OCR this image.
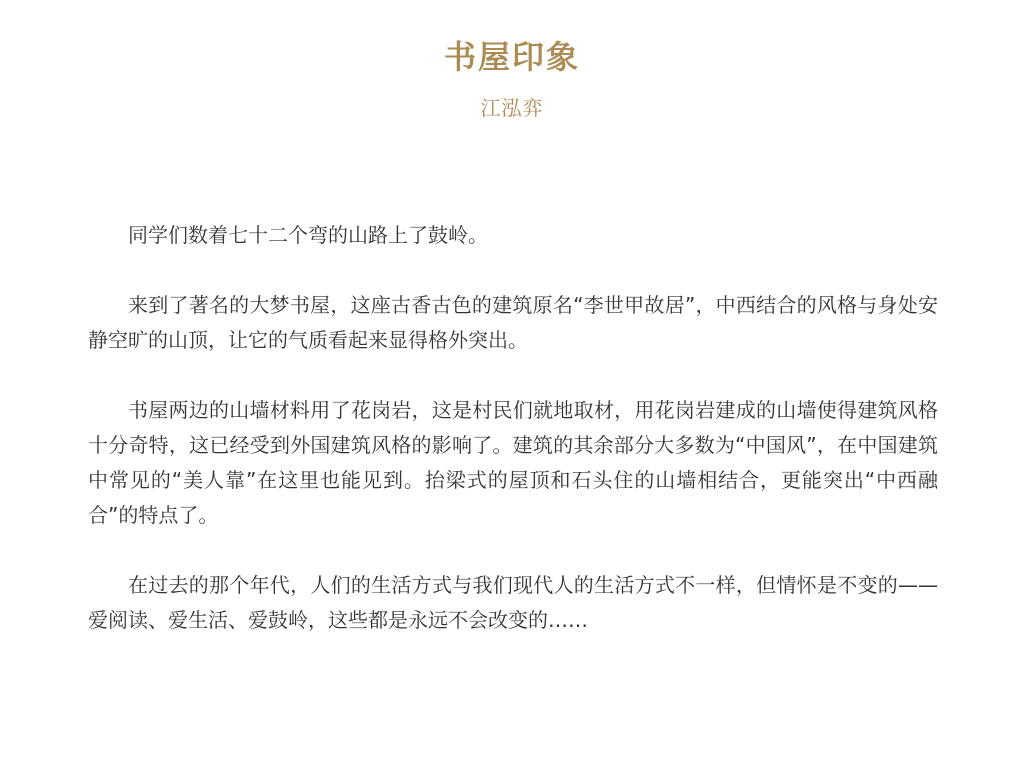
书屋印象
江泓弈

同学们数着七十二个弯的山路上了鼓岭。

来到了著名的大梦书屋，这座古香古色的建筑原名“李世甲故居”，中西结合的风格与身处安静空旷的山顶，让它的气质看起来显得格外突出。

书屋两边的山墙材料用了花岗岩，这是村民们就地取材，用花岗岩建成的山墙使得建筑风格十分奇特，这已经受到外国建筑风格的影响了。建筑的其余部分大多数为“中国风”，在中国建筑中常见的“美人靠”在这里也能见到。抬梁式的屋顶和石头住的山墙相结合，更能突出“中西融合”的特点了。

在过去的那个年代，人们的生活方式与我们现代人的生活方式不一样，但情怀是不变的——爱阅读、爱生活、爱鼓岭，这些都是永远不会改变的……
